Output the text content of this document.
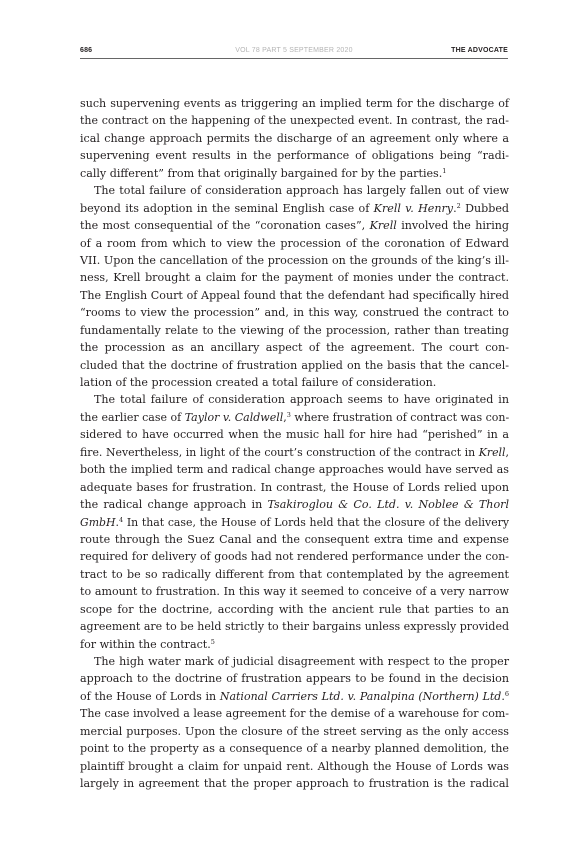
686	VOL 78 PART 5 SEPTEMBER 2020	THE ADVOCATE
such supervening events as triggering an implied term for the discharge of
the contract on the happening of the unexpected event. In contrast, the rad-
ical change approach permits the discharge of an agreement only where a
supervening event results in the performance of obligations being “radi-
cally different” from that originally bargained for by the parties.$^1$
The total failure of consideration approach has largely fallen out of view
beyond its adoption in the seminal English case of Krell v. Henry.$^2$ Dubbed
the most consequential of the “coronation cases”, Krell involved the hiring
of a room from which to view the procession of the coronation of Edward
VII. Upon the cancellation of the procession on the grounds of the king’s ill-
ness, Krell brought a claim for the payment of monies under the contract.
The English Court of Appeal found that the defendant had specifically hired
“rooms to view the procession” and, in this way, construed the contract to
fundamentally relate to the viewing of the procession, rather than treating
the procession as an ancillary aspect of the agreement. The court con-
cluded that the doctrine of frustration applied on the basis that the cancel-
lation of the procession created a total failure of consideration.
The total failure of consideration approach seems to have originated in
the earlier case of Taylor v. Caldwell,$^3$ where frustration of contract was con-
sidered to have occurred when the music hall for hire had “perished” in a
fire. Nevertheless, in light of the court’s construction of the contract in Krell,
both the implied term and radical change approaches would have served as
adequate bases for frustration. In contrast, the House of Lords relied upon
the radical change approach in Tsakiroglou & Co. Ltd. v. Noblee & Thorl
GmbH.$^4$ In that case, the House of Lords held that the closure of the delivery
route through the Suez Canal and the consequent extra time and expense
required for delivery of goods had not rendered performance under the con-
tract to be so radically different from that contemplated by the agreement
to amount to frustration. In this way it seemed to conceive of a very narrow
scope for the doctrine, according with the ancient rule that parties to an
agreement are to be held strictly to their bargains unless expressly provided
for within the contract.$^5$
The high water mark of judicial disagreement with respect to the proper
approach to the doctrine of frustration appears to be found in the decision
of the House of Lords in National Carriers Ltd. v. Panalpina (Northern) Ltd.$^6$
The case involved a lease agreement for the demise of a warehouse for com-
mercial purposes. Upon the closure of the street serving as the only access
point to the property as a consequence of a nearby planned demolition, the
plaintiff brought a claim for unpaid rent. Although the House of Lords was
largely in agreement that the proper approach to frustration is the radical
